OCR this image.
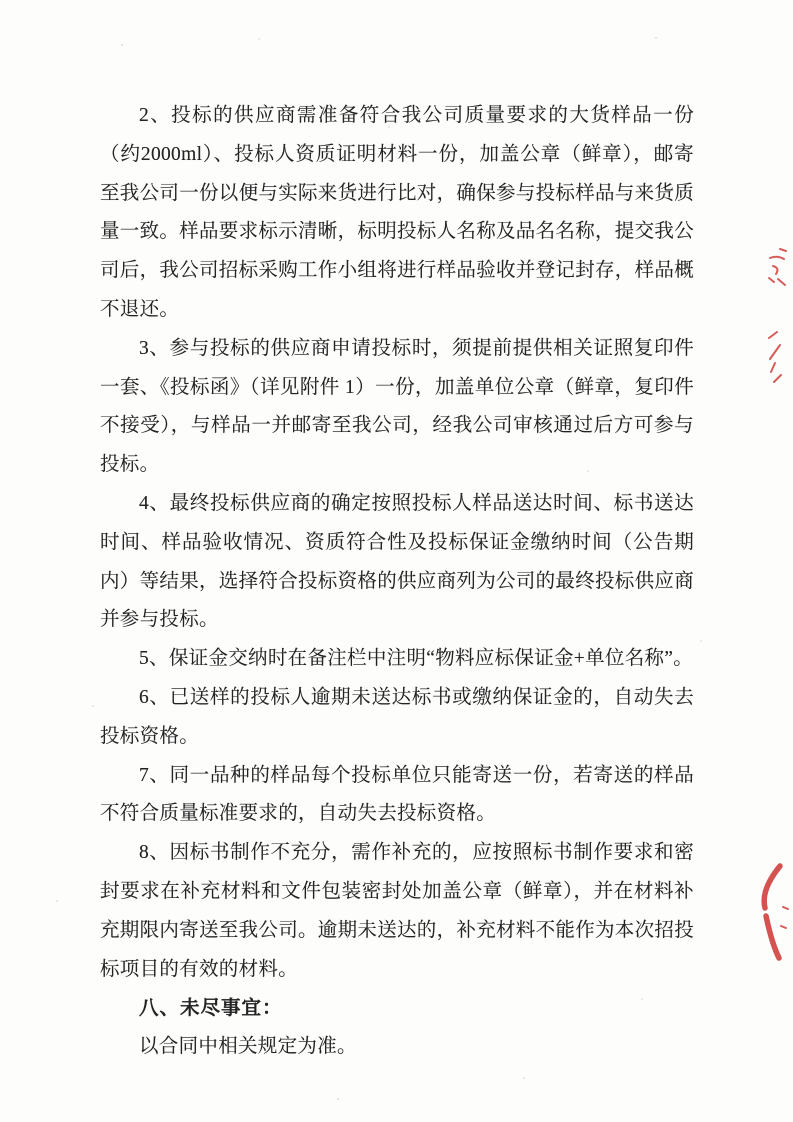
2、投标的供应商需准备符合我公司质量要求的大货样品一份（约2000ml）、投标人资质证明材料一份，加盖公章（鲜章），邮寄至我公司一份以便与实际来货进行比对，确保参与投标样品与来货质量一致。样品要求标示清晰，标明投标人名称及品名名称，提交我公司后，我公司招标采购工作小组将进行样品验收并登记封存，样品概不退还。

3、参与投标的供应商申请投标时，须提前提供相关证照复印件一套、《投标函》（详见附件 1）一份，加盖单位公章（鲜章，复印件不接受），与样品一并邮寄至我公司，经我公司审核通过后方可参与投标。

4、最终投标供应商的确定按照投标人样品送达时间、标书送达时间、样品验收情况、资质符合性及投标保证金缴纳时间（公告期内）等结果，选择符合投标资格的供应商列为公司的最终投标供应商并参与投标。

5、保证金交纳时在备注栏中注明“物料应标保证金+单位名称”。

6、已送样的投标人逾期未送达标书或缴纳保证金的，自动失去投标资格。

7、同一品种的样品每个投标单位只能寄送一份，若寄送的样品不符合质量标准要求的，自动失去投标资格。

8、因标书制作不充分，需作补充的，应按照标书制作要求和密封要求在补充材料和文件包装密封处加盖公章（鲜章），并在材料补充期限内寄送至我公司。逾期未送达的，补充材料不能作为本次招投标项目的有效的材料。

八、未尽事宜：

以合同中相关规定为准。
